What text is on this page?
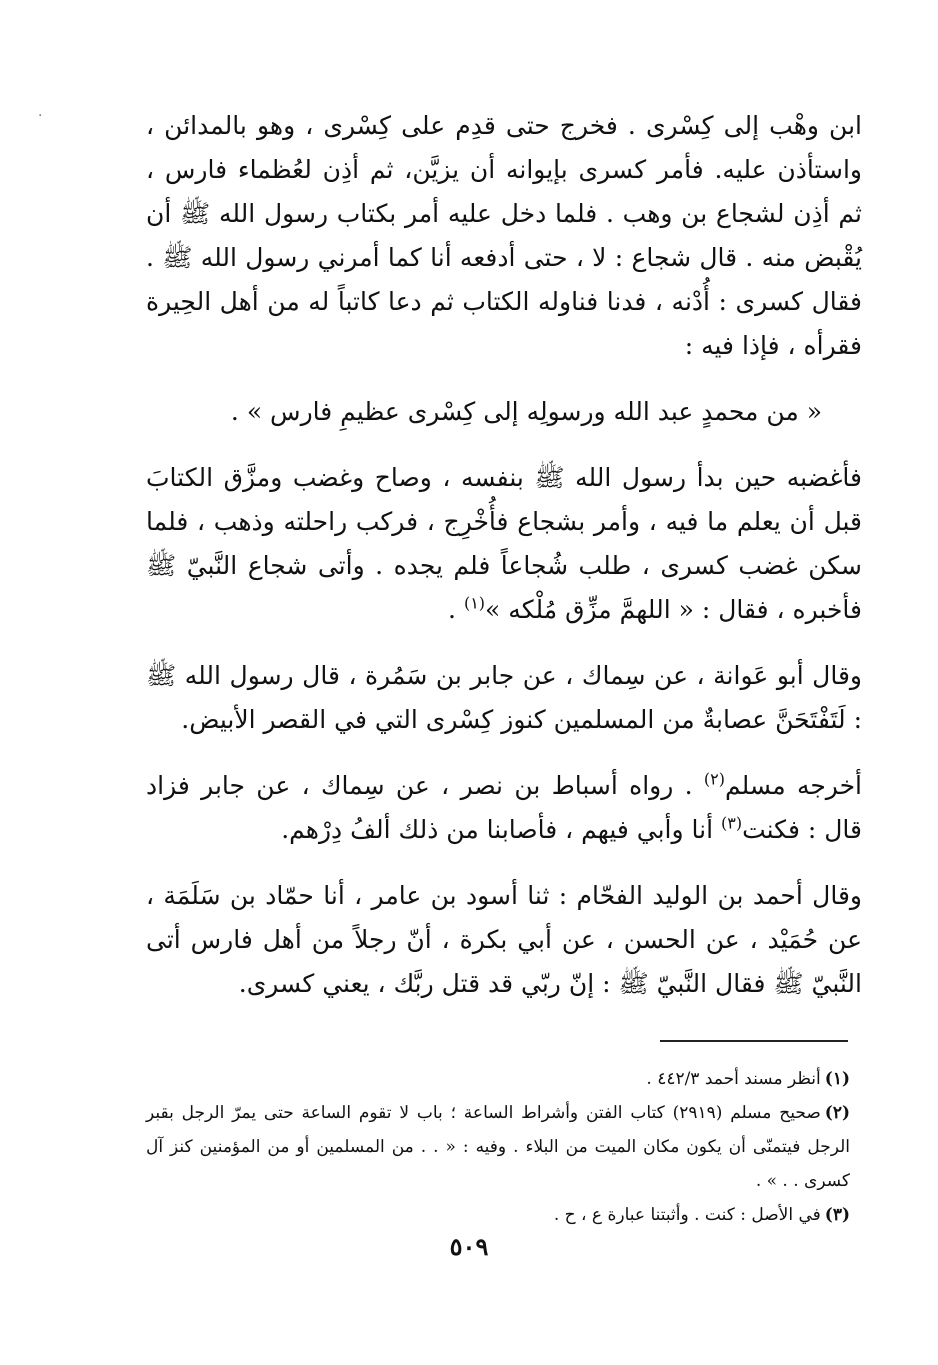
·	ابن وهْب إلى كِسْرى . فخرج حتى قدِم على كِسْرى ، وهو بالمدائن ، واستأذن عليه. فأمر كسرى بإيوانه أن يزيَّن، ثم أذِن لعُظماء فارس ، ثم أذِن لشجاع بن وهب . فلما دخل عليه أمر بكتاب رسول الله ﷺ أن يُقْبض منه . قال شجاع : لا ، حتى أدفعه أنا كما أمرني رسول الله ﷺ . فقال كسرى : أُدْنه ، فدنا فناوله الكتاب ثم دعا كاتباً له من أهل الحِيرة فقرأه ، فإذا فيه :

« من محمدٍ عبد الله ورسولِه إلى كِسْرى عظيمِ فارس » .

فأغضبه حين بدأ رسول الله ﷺ بنفسه ، وصاح وغضب ومزَّق الكتابَ قبل أن يعلم ما فيه ، وأمر بشجاع فأُخْرِج ، فركب راحلته وذهب ، فلما سكن غضب كسرى ، طلب شُجاعاً فلم يجده . وأتى شجاع النَّبيّ ﷺ فأخبره ، فقال : « اللهمَّ مزِّق مُلْكه »$^{(١)}$ .

وقال أبو عَوانة ، عن سِماك ، عن جابر بن سَمُرة ، قال رسول الله ﷺ : لَتَفْتَحَنَّ عصابةٌ من المسلمين كنوز كِسْرى التي في القصر الأبيض.

أخرجه مسلم$^{(٢)}$ . رواه أسباط بن نصر ، عن سِماك ، عن جابر فزاد قال : فكنت$^{(٣)}$ أنا وأبي فيهم ، فأصابنا من ذلك ألفُ دِرْهم.

وقال أحمد بن الوليد الفحّام : ثنا أسود بن عامر ، أنا حمّاد بن سَلَمَة ، عن حُمَيْد ، عن الحسن ، عن أبي بكرة ، أنّ رجلاً من أهل فارس أتى النَّبيّ ﷺ فقال النَّبيّ ﷺ : إنّ ربّي قد قتل ربَّك ، يعني كسرى.

(١)أنظر مسند أحمد ٤٤٢/٣ .

(٢)صحيح مسلم (٢٩١٩) كتاب الفتن وأشراط الساعة ؛ باب لا تقوم الساعة حتى يمرّ الرجل بقبر الرجل فيتمنّى أن يكون مكان الميت من البلاء . وفيه : « . . من المسلمين أو من المؤمنين كنز آل كسرى . . » .

(٣)في الأصل : كنت . وأثبتنا عبارة ع ، ح .

٥٠٩
